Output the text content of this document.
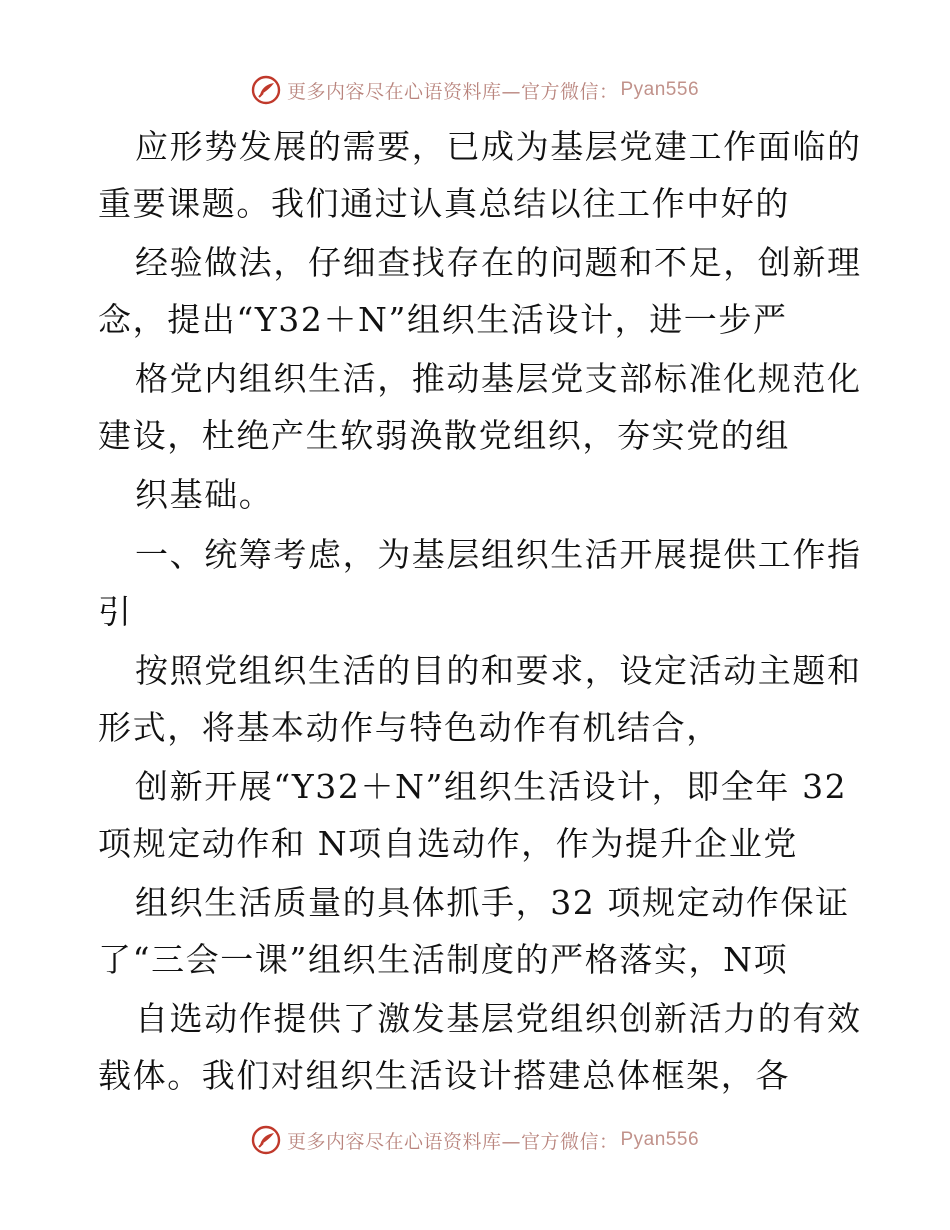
更多内容尽在心语资料库—官方微信： Pyan556
应形势发展的需要，已成为基层党建工作面临的
重要课题。我们通过认真总结以往工作中好的
经验做法，仔细查找存在的问题和不足，创新理
念，提出“Y32＋N”组织生活设计，进一步严
格党内组织生活，推动基层党支部标准化规范化
建设，杜绝产生软弱涣散党组织，夯实党的组
织基础。
一、统筹考虑，为基层组织生活开展提供工作指
引
按照党组织生活的目的和要求，设定活动主题和
形式，将基本动作与特色动作有机结合，
创新开展“Y32＋N”组织生活设计，即全年 32
项规定动作和 N项自选动作，作为提升企业党
组织生活质量的具体抓手，32 项规定动作保证
了“三会一课”组织生活制度的严格落实，N项
自选动作提供了激发基层党组织创新活力的有效
载体。我们对组织生活设计搭建总体框架，各
更多内容尽在心语资料库—官方微信： Pyan556
